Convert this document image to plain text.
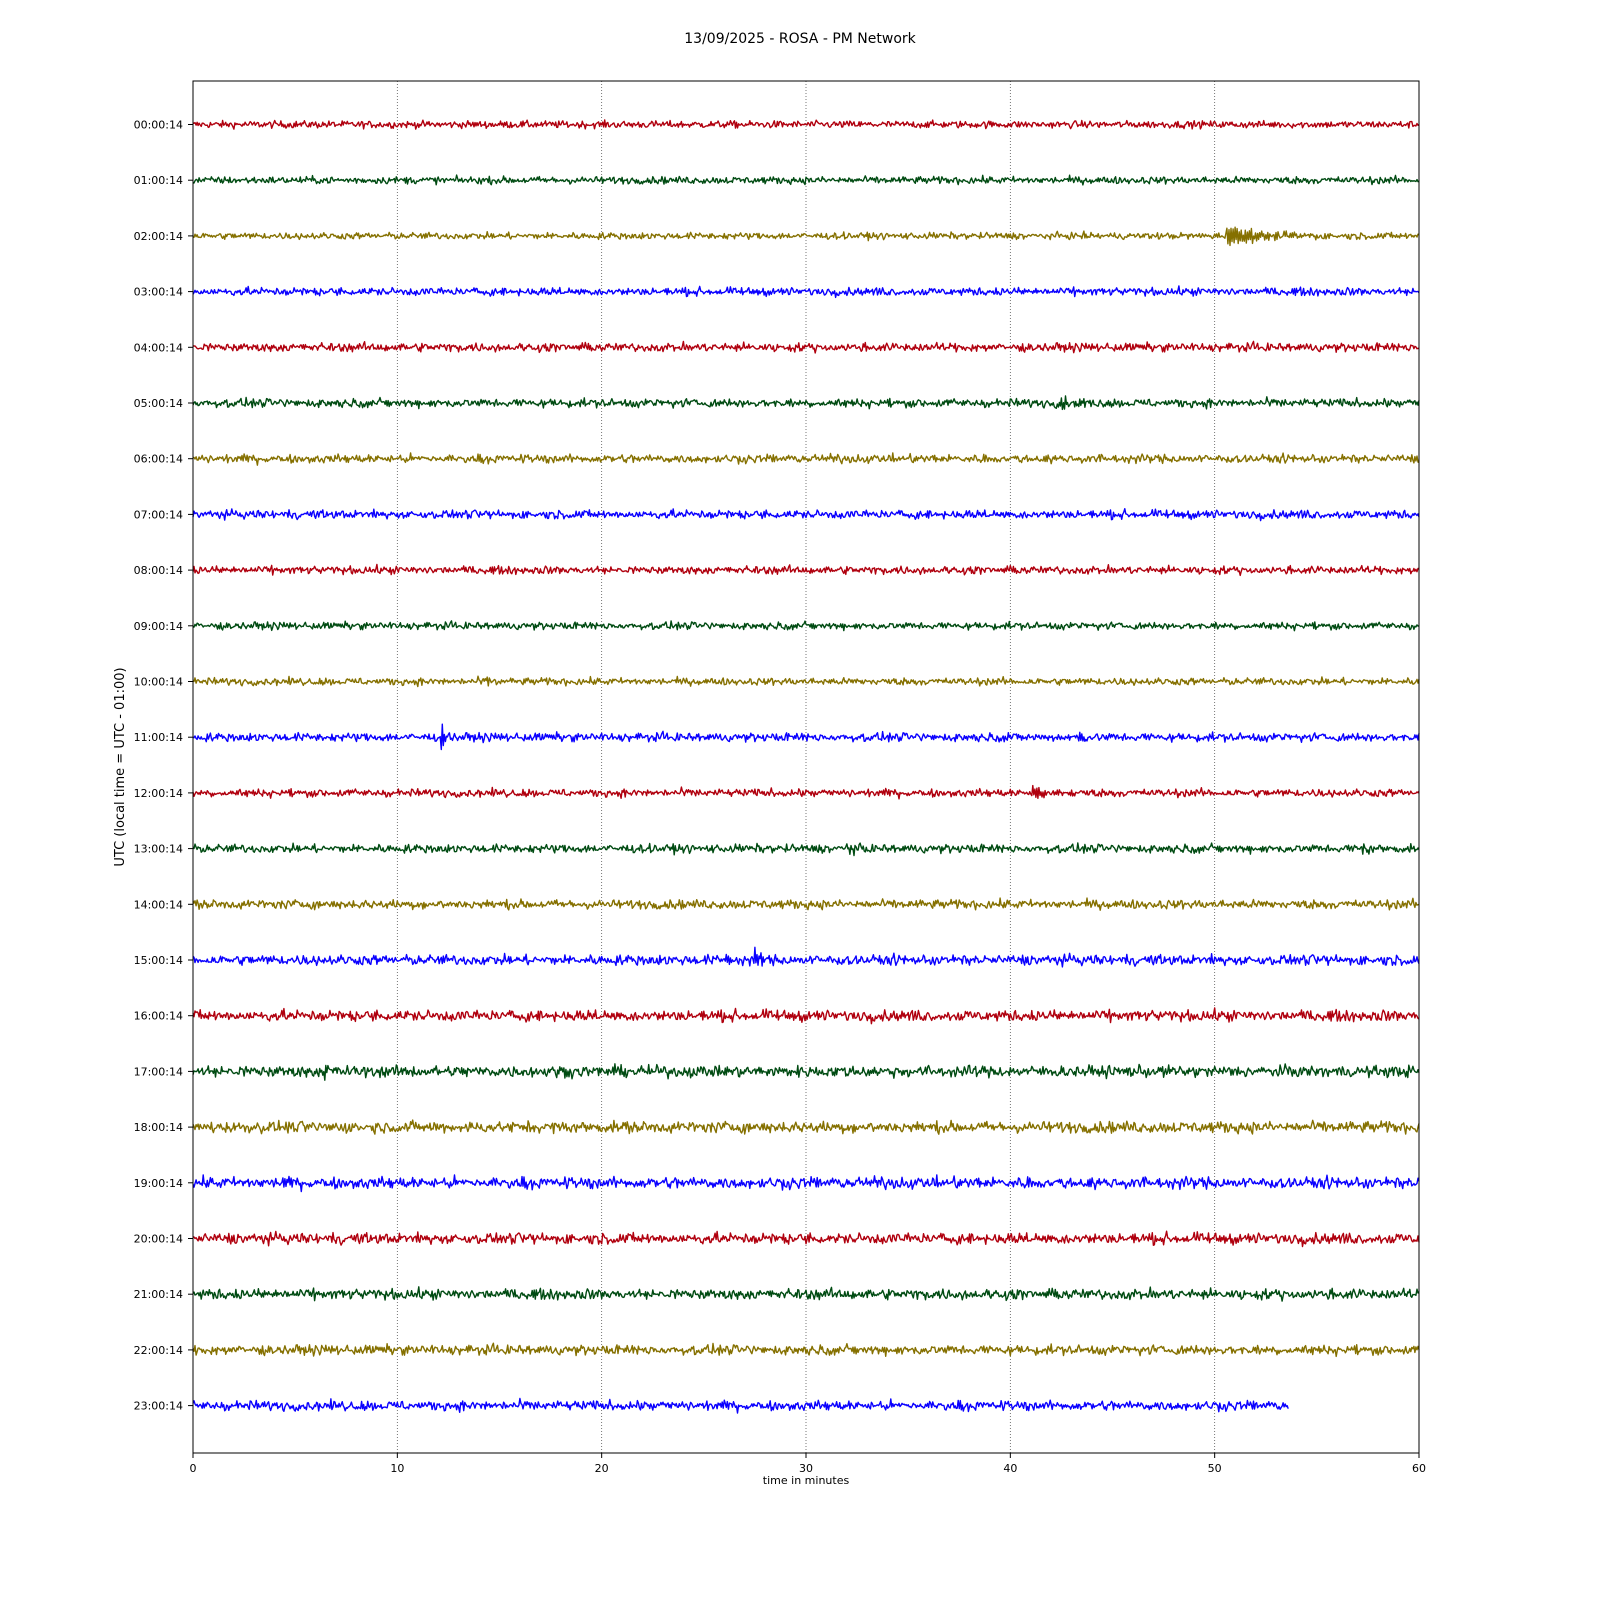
13/09/2025 - ROSA - PM Network
00:00:14
01:00:14
02:00:14
03:00:14
04:00:14
05:00:14
06:00:14
07:00:14
08:00:14
09:00:14
10:00:14
11:00:14
12:00:14
13:00:14
14:00:14
15:00:14
16:00:14
17:00:14
18:00:14
19:00:14
20:00:14
21:00:14
22:00:14
23:00:14
0	10	20	30	40	50	60
time in minutes
UTC (local time = UTC - 01:00)
